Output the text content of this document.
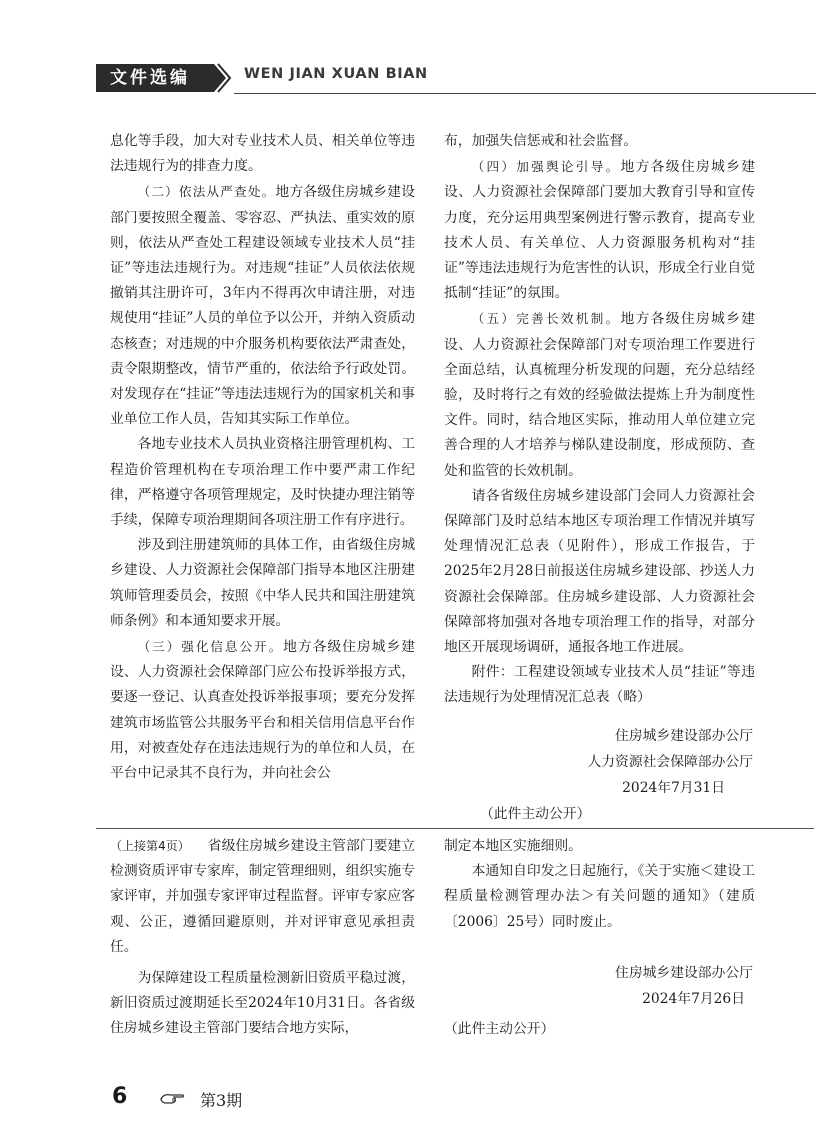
文件选编	WEN JIAN XUAN BIAN

息化等手段，加大对专业技术人员、相关单位等违法违规行为的排查力度。

（二）依法从严查处。地方各级住房城乡建设部门要按照全覆盖、零容忍、严执法、重实效的原则，依法从严查处工程建设领域专业技术人员“挂证”等违法违规行为。对违规“挂证”人员依法依规撤销其注册许可，3年内不得再次申请注册，对违规使用“挂证”人员的单位予以公开，并纳入资质动态核查；对违规的中介服务机构要依法严肃查处，责令限期整改，情节严重的，依法给予行政处罚。对发现存在“挂证”等违法违规行为的国家机关和事业单位工作人员，告知其实际工作单位。

各地专业技术人员执业资格注册管理机构、工程造价管理机构在专项治理工作中要严肃工作纪律，严格遵守各项管理规定，及时快捷办理注销等手续，保障专项治理期间各项注册工作有序进行。

涉及到注册建筑师的具体工作，由省级住房城乡建设、人力资源社会保障部门指导本地区注册建筑师管理委员会，按照《中华人民共和国注册建筑师条例》和本通知要求开展。

（三）强化信息公开。地方各级住房城乡建设、人力资源社会保障部门应公布投诉举报方式，要逐一登记、认真查处投诉举报事项；要充分发挥建筑市场监管公共服务平台和相关信用信息平台作用，对被查处存在违法违规行为的单位和人员，在平台中记录其不良行为，并向社会公

布，加强失信惩戒和社会监督。

（四）加强舆论引导。地方各级住房城乡建设、人力资源社会保障部门要加大教育引导和宣传力度，充分运用典型案例进行警示教育，提高专业技术人员、有关单位、人力资源服务机构对“挂证”等违法违规行为危害性的认识，形成全行业自觉抵制“挂证”的氛围。

（五）完善长效机制。地方各级住房城乡建设、人力资源社会保障部门对专项治理工作要进行全面总结，认真梳理分析发现的问题，充分总结经验，及时将行之有效的经验做法提炼上升为制度性文件。同时，结合地区实际，推动用人单位建立完善合理的人才培养与梯队建设制度，形成预防、查处和监管的长效机制。

请各省级住房城乡建设部门会同人力资源社会保障部门及时总结本地区专项治理工作情况并填写处理情况汇总表（见附件），形成工作报告，于2025年2月28日前报送住房城乡建设部、抄送人力资源社会保障部。住房城乡建设部、人力资源社会保障部将加强对各地专项治理工作的指导，对部分地区开展现场调研，通报各地工作进展。

附件：工程建设领域专业技术人员“挂证”等违法违规行为处理情况汇总表（略）

住房城乡建设部办公厅
人力资源社会保障部办公厅
2024年7月31日
（此件主动公开）

（上接第4页） 省级住房城乡建设主管部门要建立检测资质评审专家库，制定管理细则，组织实施专家评审，并加强专家评审过程监督。评审专家应客观、公正，遵循回避原则，并对评审意见承担责任。

为保障建设工程质量检测新旧资质平稳过渡，新旧资质过渡期延长至2024年10月31日。各省级住房城乡建设主管部门要结合地方实际，

制定本地区实施细则。

本通知自印发之日起施行，《关于实施＜建设工程质量检测管理办法＞有关问题的通知》（建质〔2006〕25号）同时废止。

住房城乡建设部办公厅
2024年7月26日
（此件主动公开）
6	第3期
